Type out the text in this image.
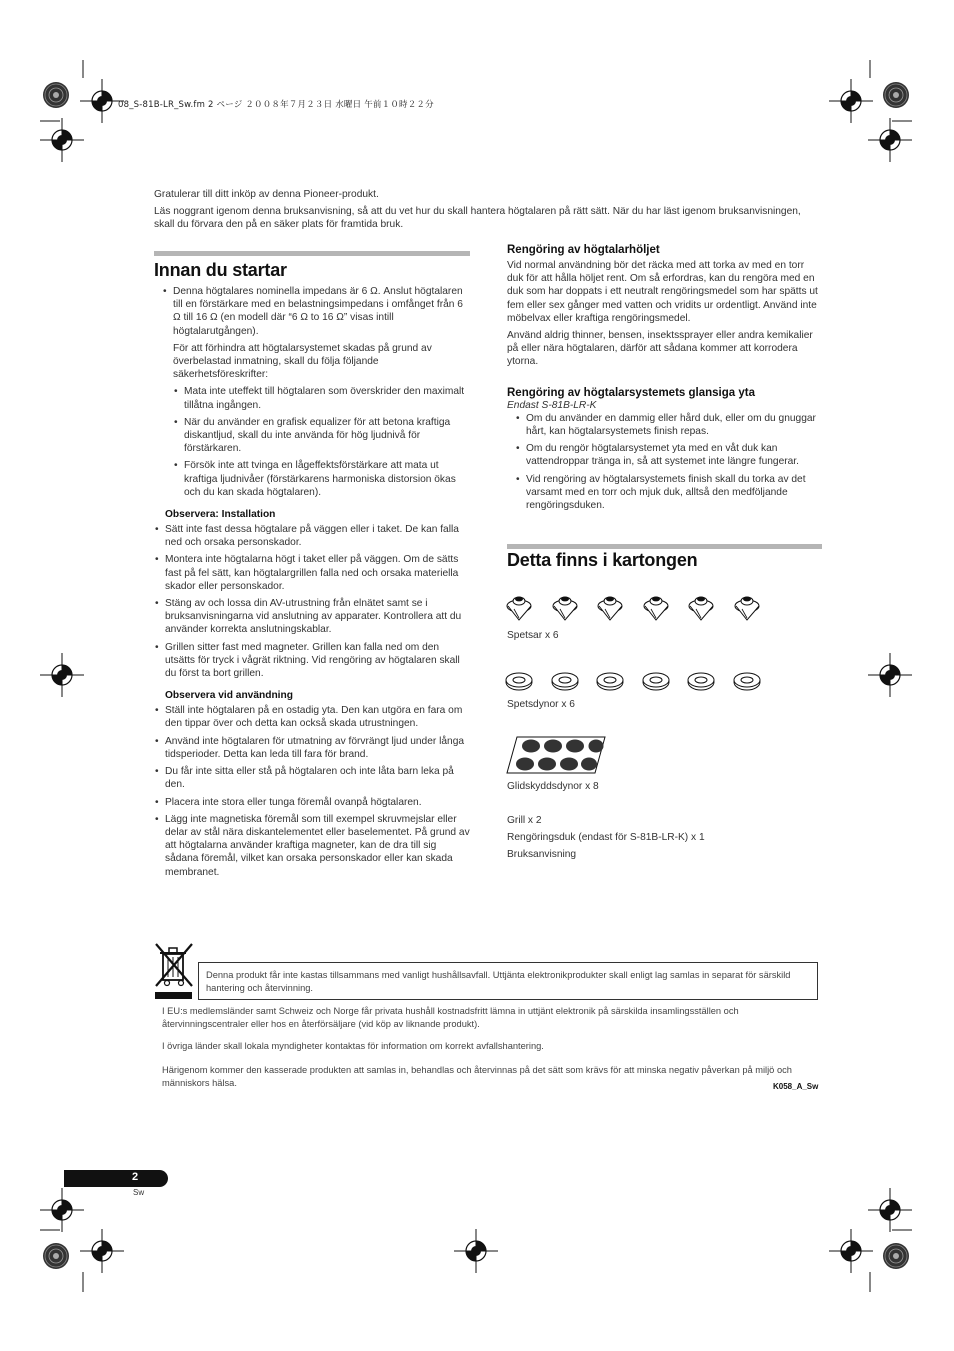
08_S-81B-LR_Sw.fm 2 ページ ２００８年７月２３日 水曜日 午前１０時２２分

Gratulerar till ditt inköp av denna Pioneer-produkt.

Läs noggrant igenom denna bruksanvisning, så att du vet hur du skall hantera högtalaren på rätt sätt. När du har läst igenom bruksanvisningen, skall du förvara den på en säker plats för framtida bruk.

Innan du startar
• Denna högtalares nominella impedans är 6 Ω. Anslut högtalaren till en förstärkare med en belastningsimpedans i omfånget från 6 Ω till 16 Ω (en modell där “6 Ω to 16 Ω” visas intill högtalarutgången).

För att förhindra att högtalarsystemet skadas på grund av överbelastad inmatning, skall du följa följande säkerhetsföreskrifter:

• Mata inte uteffekt till högtalaren som överskrider den maximalt tillåtna ingången.
• När du använder en grafisk equalizer för att betona kraftiga diskantljud, skall du inte använda för hög ljudnivå för förstärkaren.
• Försök inte att tvinga en lågeffektsförstärkare att mata ut kraftiga ljudnivåer (förstärkarens harmoniska distorsion ökas och du kan skada högtalaren).
Observera: Installation
• Sätt inte fast dessa högtalare på väggen eller i taket. De kan falla ned och orsaka personskador.
• Montera inte högtalarna högt i taket eller på väggen. Om de sätts fast på fel sätt, kan högtalargrillen falla ned och orsaka materiella skador eller personskador.
• Stäng av och lossa din AV-utrustning från elnätet samt se i bruksanvisningarna vid anslutning av apparater. Kontrollera att du använder korrekta anslutningskablar.
• Grillen sitter fast med magneter. Grillen kan falla ned om den utsätts för tryck i vågrät riktning. Vid rengöring av högtalaren skall du först ta bort grillen.
Observera vid användning
• Ställ inte högtalaren på en ostadig yta. Den kan utgöra en fara om den tippar över och detta kan också skada utrustningen.
• Använd inte högtalaren för utmatning av förvrängt ljud under långa tidsperioder. Detta kan leda till fara för brand.
• Du får inte sitta eller stå på högtalaren och inte låta barn leka på den.
• Placera inte stora eller tunga föremål ovanpå högtalaren.
• Lägg inte magnetiska föremål som till exempel skruvmejslar eller delar av stål nära diskantelementet eller baselementet. På grund av att högtalarna använder kraftiga magneter, kan de dra till sig sådana föremål, vilket kan orsaka personskador eller kan skada membranet.
Rengöring av högtalarhöljet

Vid normal användning bör det räcka med att torka av med en torr duk för att hålla höljet rent. Om så erfordras, kan du rengöra med en duk som har doppats i ett neutralt rengöringsmedel som har spätts ut fem eller sex gånger med vatten och vridits ur ordentligt. Använd inte möbelvax eller kraftiga rengöringsmedel.

Använd aldrig thinner, bensen, insektssprayer eller andra kemikalier på eller nära högtalaren, därför att sådana kommer att korrodera ytorna.

Rengöring av högtalarsystemets glansiga yta

Endast S-81B-LR-K

• Om du använder en dammig eller hård duk, eller om du gnuggar hårt, kan högtalarsystemets finish repas.
• Om du rengör högtalarsystemet yta med en våt duk kan vattendroppar tränga in, så att systemet inte längre fungerar.
• Vid rengöring av högtalarsystemets finish skall du torka av det varsamt med en torr och mjuk duk, alltså den medföljande rengöringsduken.
Detta finns i kartongen
Spetsar x 6
Spetsdynor x 6
Glidskyddsdynor x 8
Grill x 2
Rengöringsduk (endast för S-81B-LR-K) x 1
Bruksanvisning
Denna produkt får inte kastas tillsammans med vanligt hushållsavfall. Uttjänta elektronikprodukter skall enligt lag samlas in separat för särskild hantering och återvinning.
I EU:s medlemsländer samt Schweiz och Norge får privata hushåll kostnadsfritt lämna in uttjänt elektronik på särskilda insamlingsställen och återvinningscentraler eller hos en återförsäljare (vid köp av liknande produkt).
I övriga länder skall lokala myndigheter kontaktas för information om korrekt avfallshantering.
Härigenom kommer den kasserade produkten att samlas in, behandlas och återvinnas på det sätt som krävs för att minska negativ påverkan på miljö och människors hälsa.	K058_A_Sw
2
Sw
